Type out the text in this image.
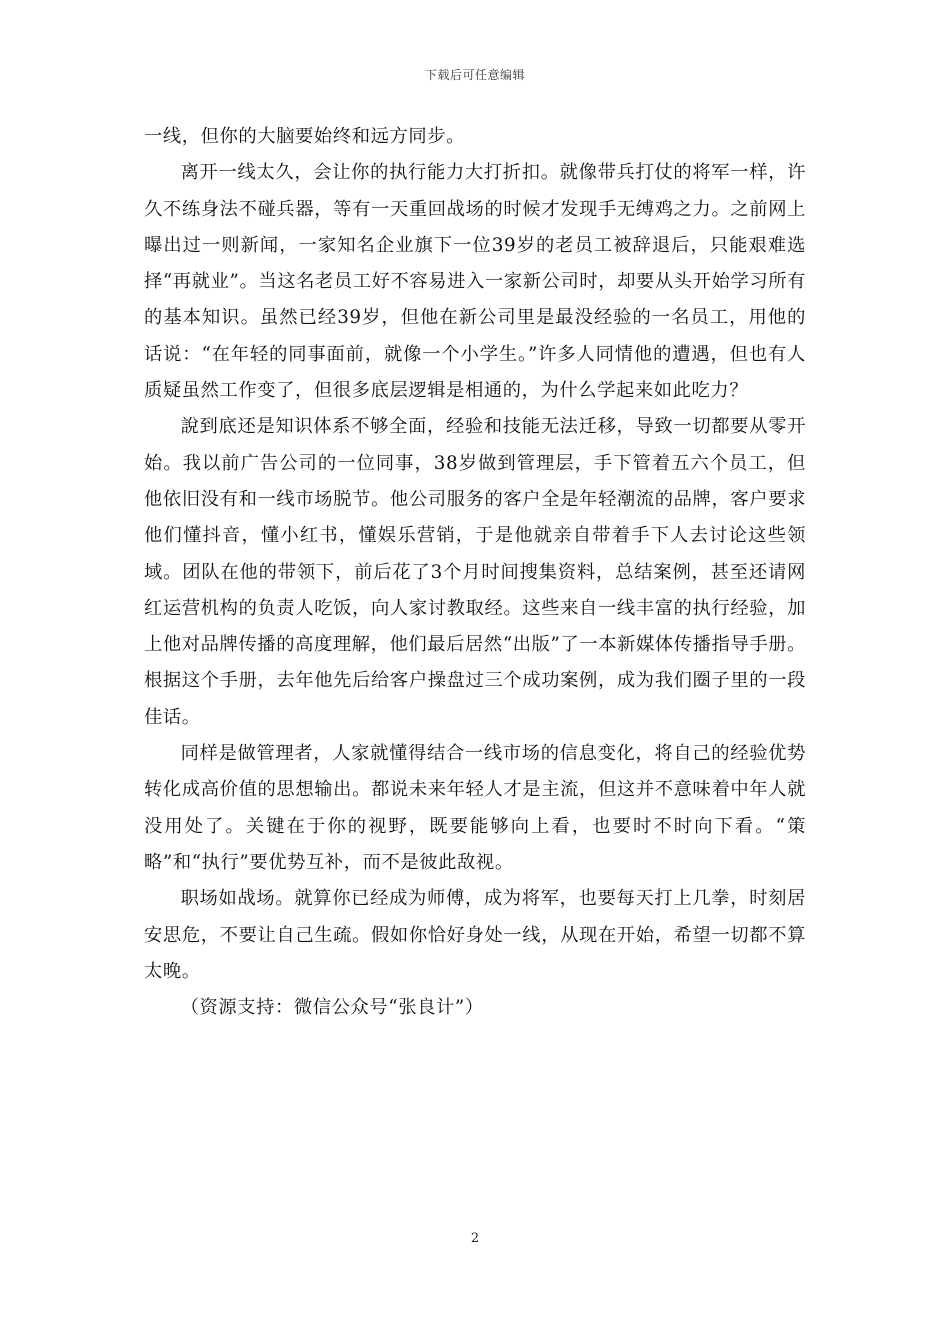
下载后可任意编辑

一线，但你的大脑要始终和远方同步。

离开一线太久，会让你的执行能力大打折扣。就像带兵打仗的将军一样，许久不练身法不碰兵器，等有一天重回战场的时候才发现手无缚鸡之力。之前网上曝出过一则新闻，一家知名企业旗下一位39岁的老员工被辞退后，只能艰难选择“再就业”。当这名老员工好不容易进入一家新公司时，却要从头开始学习所有的基本知识。虽然已经39岁，但他在新公司里是最没经验的一名员工，用他的话说：“在年轻的同事面前，就像一个小学生。”许多人同情他的遭遇，但也有人质疑虽然工作变了，但很多底层逻辑是相通的，为什么学起来如此吃力？

說到底还是知识体系不够全面，经验和技能无法迁移，导致一切都要从零开始。我以前广告公司的一位同事，38岁做到管理层，手下管着五六个员工，但他依旧没有和一线市场脱节。他公司服务的客户全是年轻潮流的品牌，客户要求他们懂抖音，懂小红书，懂娱乐营销，于是他就亲自带着手下人去讨论这些领域。团队在他的带领下，前后花了3个月时间搜集资料，总结案例，甚至还请网红运营机构的负责人吃饭，向人家讨教取经。这些来自一线丰富的执行经验，加上他对品牌传播的高度理解，他们最后居然“出版”了一本新媒体传播指导手册。根据这个手册，去年他先后给客户操盘过三个成功案例，成为我们圈子里的一段佳话。

同样是做管理者，人家就懂得结合一线市场的信息变化，将自己的经验优势转化成高价值的思想输出。都说未来年轻人才是主流，但这并不意味着中年人就没用处了。关键在于你的视野，既要能够向上看，也要时不时向下看。“策略”和“执行”要优势互补，而不是彼此敌视。

职场如战场。就算你已经成为师傅，成为将军，也要每天打上几拳，时刻居安思危，不要让自己生疏。假如你恰好身处一线，从现在开始，希望一切都不算太晚。

（资源支持：微信公众号“张良计”）

2
